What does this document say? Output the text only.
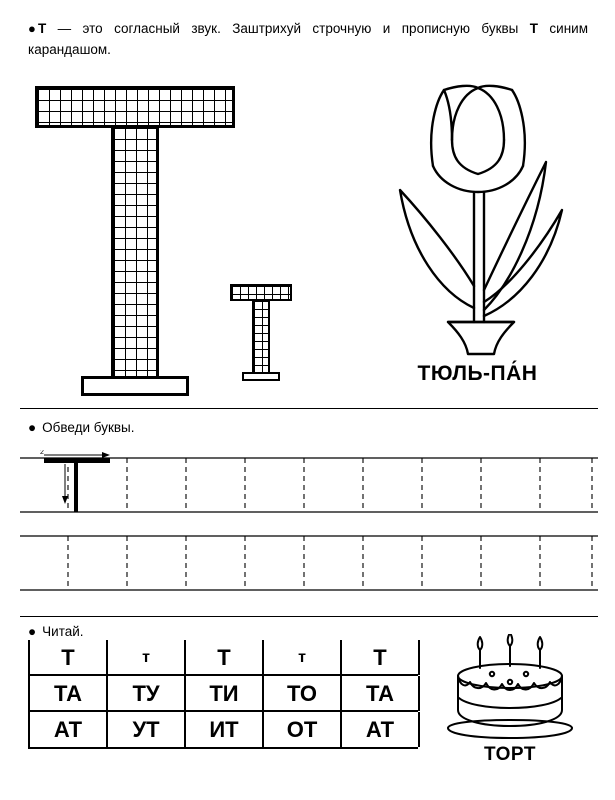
● Т — это согласный звук. Заштрихуй строчную и прописную буквы Т синим карандашом.
ТЮЛЬ-ПА́Н
● Обведи буквы.
2
● Читай.
Т	т	Т	т	Т
ТА	ТУ	ТИ	ТО	ТА
АТ	УТ	ИТ	ОТ	АТ
ТОРТ
